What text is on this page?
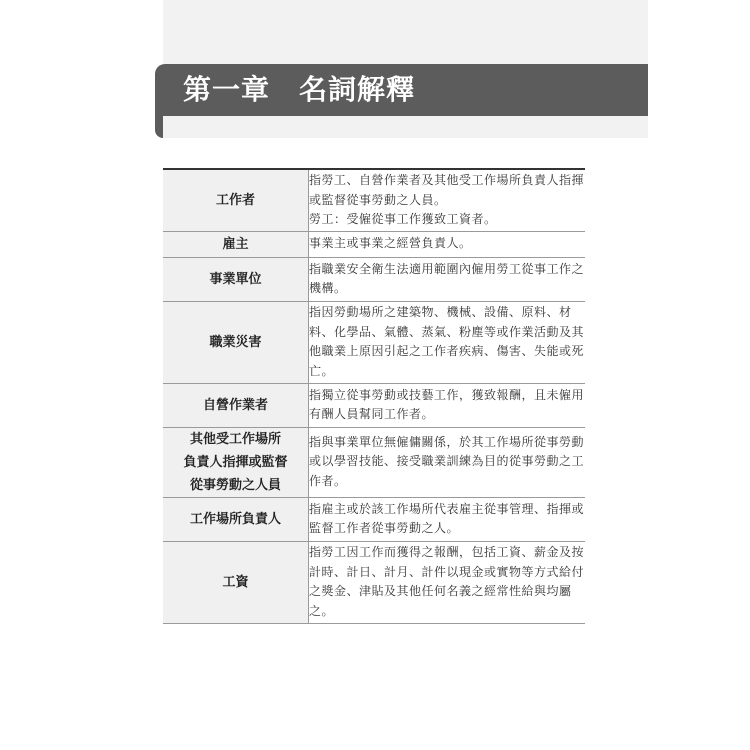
第一章　名詞解釋
工作者	指勞工、自營作業者及其他受工作場所負責人指揮或監督從事勞動之人員。

勞工：受僱從事工作獲致工資者。

雇主	事業主或事業之經營負責人。

事業單位	指職業安全衛生法適用範圍內僱用勞工從事工作之機構。

職業災害	指因勞動場所之建築物、機械、設備、原料、材料、化學品、氣體、蒸氣、粉塵等或作業活動及其他職業上原因引起之工作者疾病、傷害、失能或死亡。

自營作業者	指獨立從事勞動或技藝工作，獲致報酬，且未僱用有酬人員幫同工作者。

其他受工作場所
負責人指揮或監督
從事勞動之人員	指與事業單位無僱傭關係，於其工作場所從事勞動或以學習技能、接受職業訓練為目的從事勞動之工作者。

工作場所負責人	指雇主或於該工作場所代表雇主從事管理、指揮或監督工作者從事勞動之人。

工資	指勞工因工作而獲得之報酬，包括工資、薪金及按計時、計日、計月、計件以現金或實物等方式給付之獎金、津貼及其他任何名義之經常性給與均屬之。
